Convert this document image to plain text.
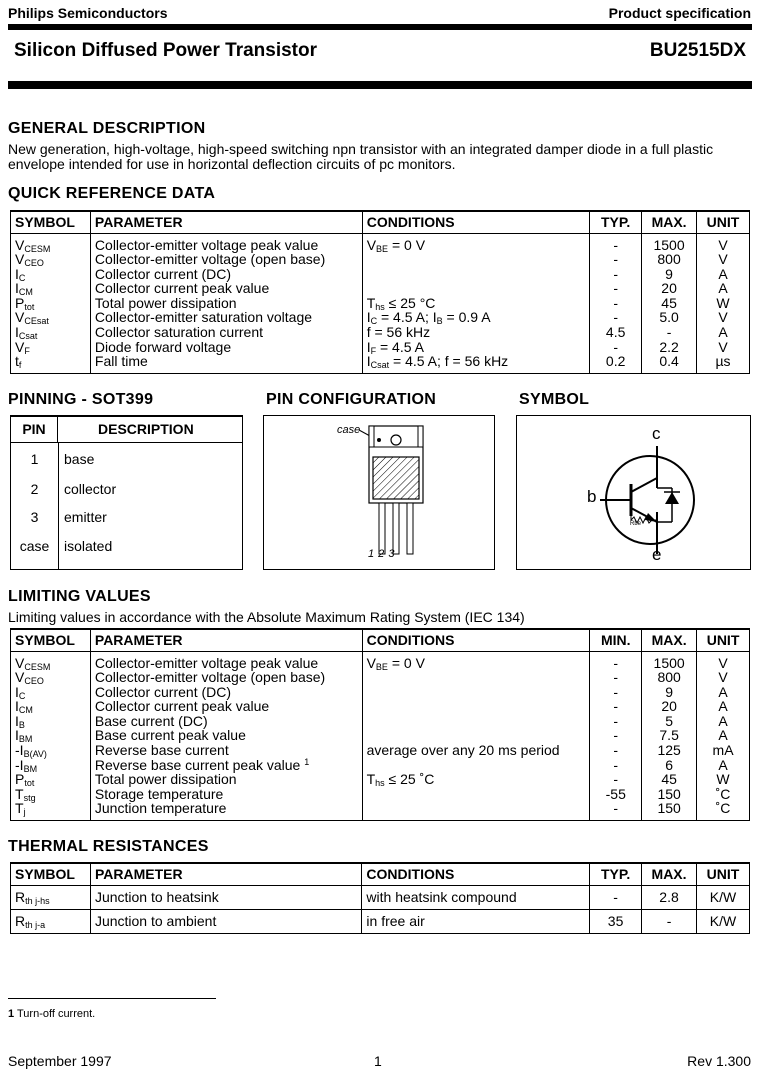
Philips Semiconductors	Product specification
Silicon Diffused Power Transistor	BU2515DX
GENERAL DESCRIPTION
New generation, high-voltage, high-speed switching npn transistor with an integrated damper diode in a full plastic
envelope intended for use in horizontal deflection circuits of pc monitors.
QUICK REFERENCE DATA
SYMBOL	PARAMETER	CONDITIONS	TYP.	MAX.	UNIT
$V_{CESM}$	Collector-emitter voltage peak value	$V_{BE} = 0$ V	-	1500	V
$V_{CEO}$	Collector-emitter voltage (open base)		-	800	V
$I_C$	Collector current (DC)		-	9	A
$I_{CM}$	Collector current peak value		-	20	A
$P_{tot}$	Total power dissipation	$T_{hs} \le 25$ °C	-	45	W
$V_{CEsat}$	Collector-emitter saturation voltage	$I_C = 4.5$ A; $I_B = 0.9$ A	-	5.0	V
$I_{Csat}$	Collector saturation current	f = 56 kHz	4.5	-	A
$V_F$	Diode forward voltage	$I_F = 4.5$ A	-	2.2	V
$t_f$	Fall time	$I_{Csat} = 4.5$ A; f = 56 kHz	0.2	0.4	µs
PINNING - SOT399
PIN	DESCRIPTION
1	base
2	collector
3	emitter
case	isolated
PIN CONFIGURATION
case
1 2 3
SYMBOL
c
b
e
Rbe
LIMITING VALUES
Limiting values in accordance with the Absolute Maximum Rating System (IEC 134)
SYMBOL	PARAMETER	CONDITIONS	MIN.	MAX.	UNIT
$V_{CESM}$	Collector-emitter voltage peak value	$V_{BE} = 0$ V	-	1500	V
$V_{CEO}$	Collector-emitter voltage (open base)		-	800	V
$I_C$	Collector current (DC)		-	9	A
$I_{CM}$	Collector current peak value		-	20	A
$I_B$	Base current (DC)		-	5	A
$I_{BM}$	Base current peak value		-	7.5	A
$-I_{B(AV)}$	Reverse base current	average over any 20 ms period	-	125	mA
$-I_{BM}$	Reverse base current peak value $^1$		-	6	A
$P_{tot}$	Total power dissipation	$T_{hs} \le 25$ ˚C	-	45	W
$T_{stg}$	Storage temperature		-55	150	˚C
$T_j$	Junction temperature		-	150	˚C
THERMAL RESISTANCES
SYMBOL	PARAMETER	CONDITIONS	TYP.	MAX.	UNIT
$R_{th j-hs}$	Junction to heatsink	with heatsink compound	-	2.8	K/W
$R_{th j-a}$	Junction to ambient	in free air	35	-	K/W
1 Turn-off current.
September 1997	1	Rev 1.300
